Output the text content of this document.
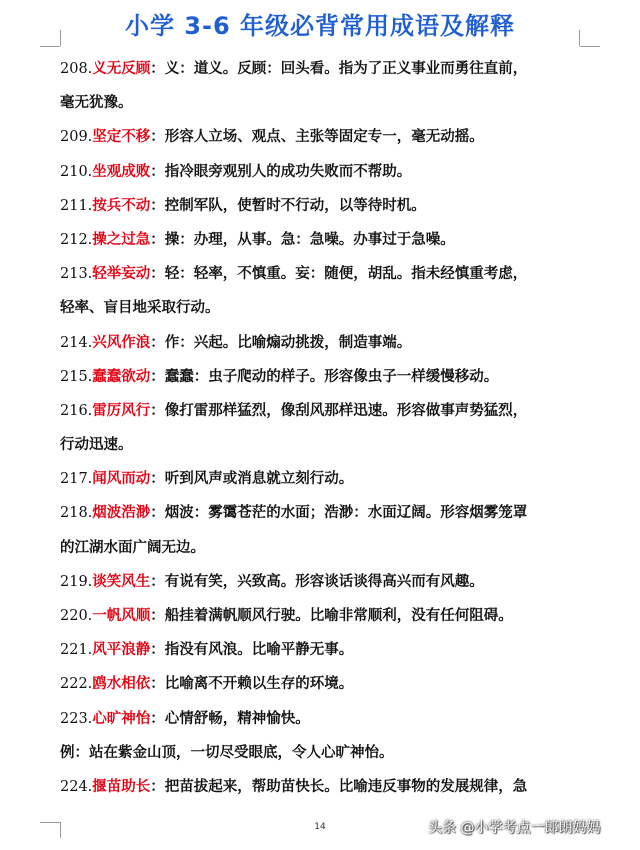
小学 3-6 年级必背常用成语及解释
208.义无反顾：义：道义。反顾：回头看。指为了正义事业而勇往直前，
毫无犹豫。
209.坚定不移：形容人立场、观点、主张等固定专一，毫无动摇。
210.坐观成败：指冷眼旁观别人的成功失败而不帮助。
211.按兵不动：控制军队，使暂时不行动，以等待时机。
212.操之过急：操：办理，从事。急：急噪。办事过于急噪。
213.轻举妄动：轻：轻率，不慎重。妄：随便，胡乱。指未经慎重考虑，
轻率、盲目地采取行动。
214.兴风作浪：作：兴起。比喻煽动挑拨，制造事端。
215.蠢蠢欲动：蠢蠢：虫子爬动的样子。形容像虫子一样缓慢移动。
216.雷厉风行：像打雷那样猛烈，像刮风那样迅速。形容做事声势猛烈，
行动迅速。
217.闻风而动：听到风声或消息就立刻行动。
218.烟波浩渺：烟波：雾霭苍茫的水面；浩渺：水面辽阔。形容烟雾笼罩
的江湖水面广阔无边。
219.谈笑风生：有说有笑，兴致高。形容谈话谈得高兴而有风趣。
220.一帆风顺：船挂着满帆顺风行驶。比喻非常顺利，没有任何阻碍。
221.风平浪静：指没有风浪。比喻平静无事。
222.鸥水相依：比喻离不开赖以生存的环境。
223.心旷神怡：心情舒畅，精神愉快。
例：站在紫金山顶，一切尽受眼底，令人心旷神怡。
224.揠苗助长：把苗拔起来，帮助苗快长。比喻违反事物的发展规律，急
14	头条 @小学考点一郎朗妈妈
